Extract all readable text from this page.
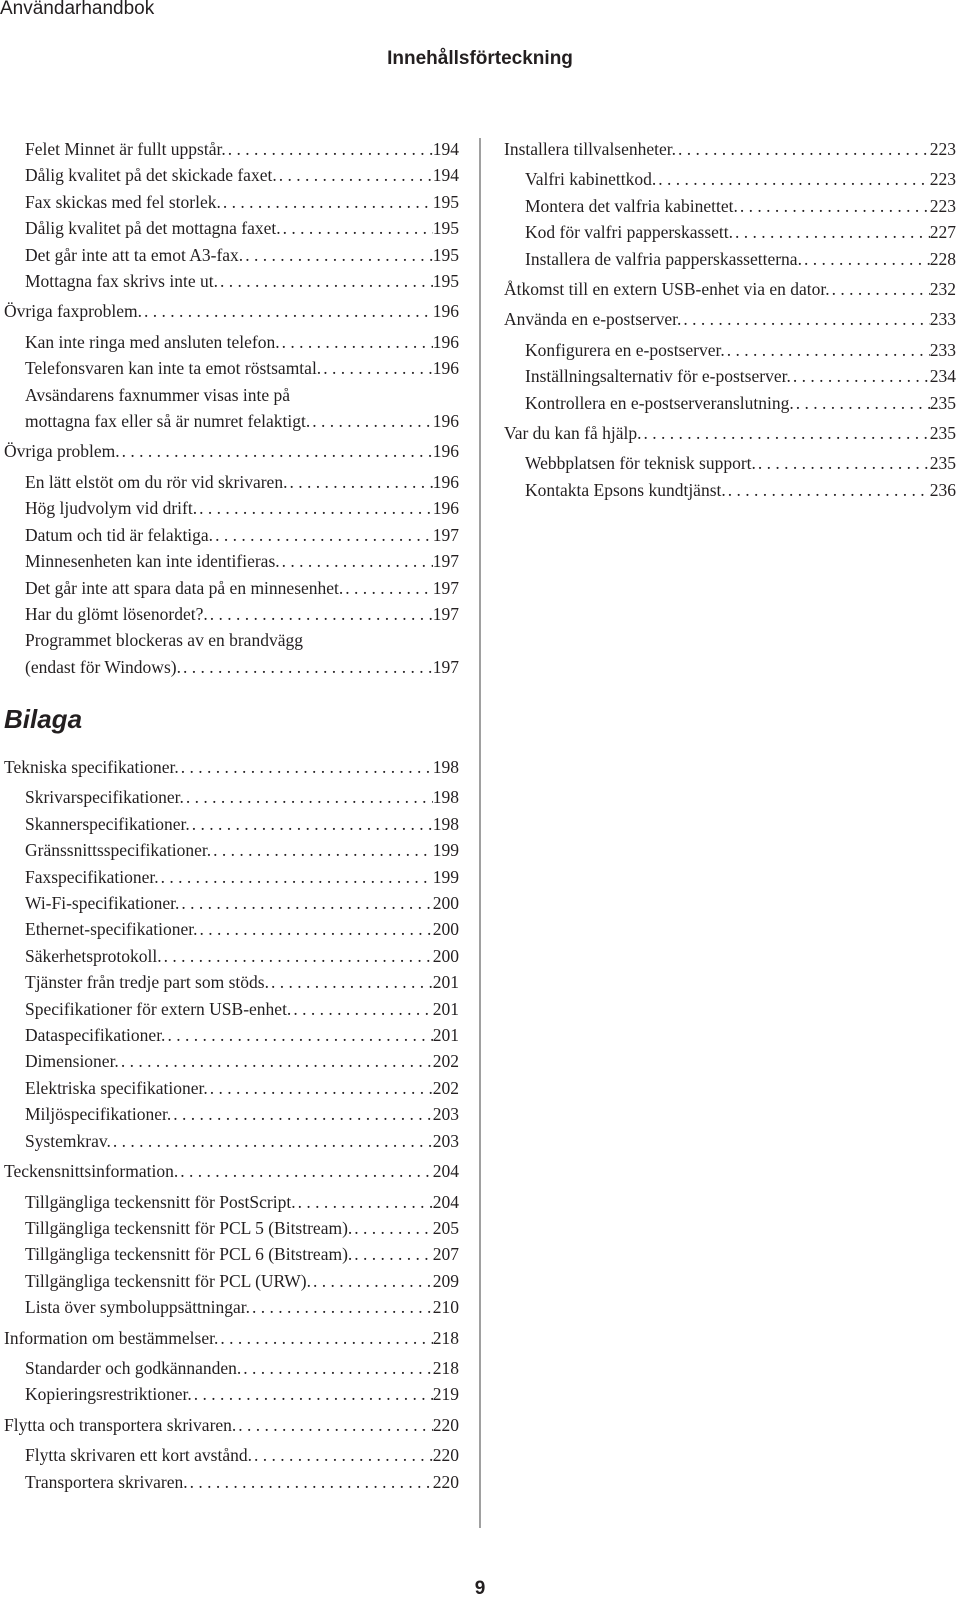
Användarhandbok
Innehållsförteckning
Felet Minnet är fullt uppstår. . . .	194
Dålig kvalitet på det skickade faxet. . . .	194
Fax skickas med fel storlek. . . .	195
Dålig kvalitet på det mottagna faxet. . . .	195
Det går inte att ta emot A3-fax. . . .	195
Mottagna fax skrivs inte ut. . . .	195
Övriga faxproblem. . . .	196
Kan inte ringa med ansluten telefon. . . .	196
Telefonsvaren kan inte ta emot röstsamtal. . . .	196
Avsändarens faxnummer visas inte på
mottagna fax eller så är numret felaktigt. . . .	196
Övriga problem. . . .	196
En lätt elstöt om du rör vid skrivaren. . . .	196
Hög ljudvolym vid drift. . . .	196
Datum och tid är felaktiga. . . .	197
Minnesenheten kan inte identifieras. . . .	197
Det går inte att spara data på en minnesenhet. . . .	197
Har du glömt lösenordet?. . . .	197
Programmet blockeras av en brandvägg
(endast för Windows). . . .	197
Bilaga
Tekniska specifikationer. . . .	198
Skrivarspecifikationer. . . .	198
Skannerspecifikationer. . . .	198
Gränssnittsspecifikationer. . . .	199
Faxspecifikationer. . . .	199
Wi-Fi-specifikationer. . . .	200
Ethernet-specifikationer. . . .	200
Säkerhetsprotokoll. . . .	200
Tjänster från tredje part som stöds. . . .	201
Specifikationer för extern USB-enhet. . . .	201
Dataspecifikationer. . . .	201
Dimensioner. . . .	202
Elektriska specifikationer. . . .	202
Miljöspecifikationer. . . .	203
Systemkrav. . . .	203
Teckensnittsinformation. . . .	204
Tillgängliga teckensnitt för PostScript. . . .	204
Tillgängliga teckensnitt för PCL 5 (Bitstream). . . .	205
Tillgängliga teckensnitt för PCL 6 (Bitstream). . . .	207
Tillgängliga teckensnitt för PCL (URW). . . .	209
Lista över symboluppsättningar. . . .	210
Information om bestämmelser. . . .	218
Standarder och godkännanden. . . .	218
Kopieringsrestriktioner. . . .	219
Flytta och transportera skrivaren. . . .	220
Flytta skrivaren ett kort avstånd. . . .	220
Transportera skrivaren. . . .	220
Installera tillvalsenheter. . . .	223
Valfri kabinettkod. . . .	223
Montera det valfria kabinettet. . . .	223
Kod för valfri papperskassett. . . .	227
Installera de valfria papperskassetterna. . . .	228
Åtkomst till en extern USB-enhet via en dator. . . .	232
Använda en e-postserver. . . .	233
Konfigurera en e-postserver. . . .	233
Inställningsalternativ för e-postserver. . . .	234
Kontrollera en e-postserveranslutning. . . .	235
Var du kan få hjälp. . . .	235
Webbplatsen för teknisk support. . . .	235
Kontakta Epsons kundtjänst. . . .	236
9
